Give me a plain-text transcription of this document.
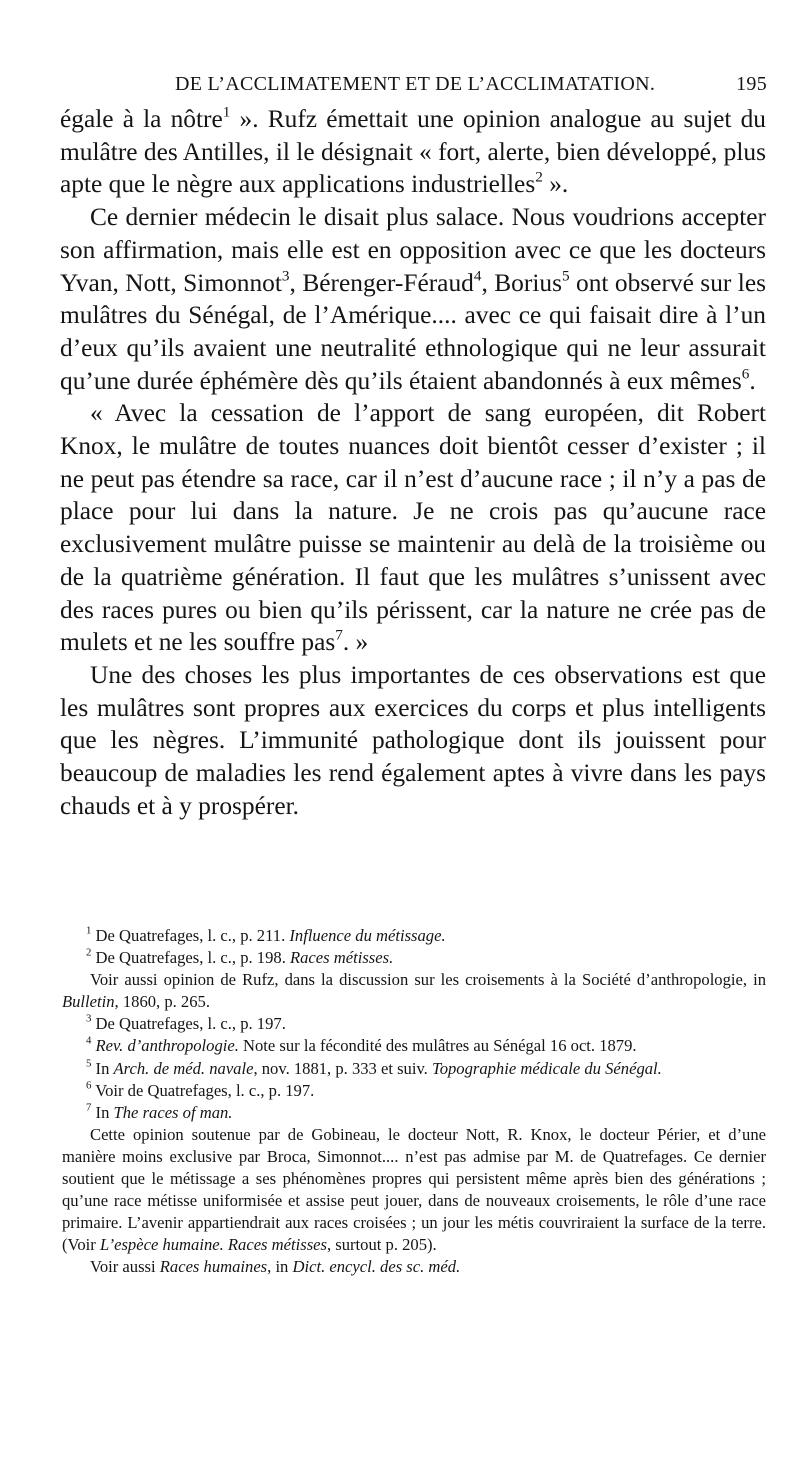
DE L’ACCLIMATEMENT ET DE L’ACCLIMATATION.	195

égale à la nôtre$^1$ ». Rufz émettait une opinion analogue au sujet du mulâtre des Antilles, il le désignait « fort, alerte, bien développé, plus apte que le nègre aux applications industrielles$^2$ ».

Ce dernier médecin le disait plus salace. Nous voudrions accepter son affirmation, mais elle est en opposition avec ce que les docteurs Yvan, Nott, Simonnot$^3$, Bérenger-Féraud$^4$, Borius$^5$ ont observé sur les mulâtres du Sénégal, de l’Amérique.... avec ce qui faisait dire à l’un d’eux qu’ils avaient une neutralité ethnologique qui ne leur assurait qu’une durée éphémère dès qu’ils étaient abandonnés à eux mêmes$^6$.

« Avec la cessation de l’apport de sang européen, dit Robert Knox, le mulâtre de toutes nuances doit bientôt cesser d’exister ; il ne peut pas étendre sa race, car il n’est d’aucune race ; il n’y a pas de place pour lui dans la nature. Je ne crois pas qu’aucune race exclusivement mulâtre puisse se maintenir au delà de la troisième ou de la quatrième génération. Il faut que les mulâtres s’unissent avec des races pures ou bien qu’ils périssent, car la nature ne crée pas de mulets et ne les souffre pas$^7$. »

Une des choses les plus importantes de ces observations est que les mulâtres sont propres aux exercices du corps et plus intelligents que les nègres. L’immunité pathologique dont ils jouissent pour beaucoup de maladies les rend également aptes à vivre dans les pays chauds et à y prospérer.

$^1$ De Quatrefages, l. c., p. 211. Influence du métissage.

$^2$ De Quatrefages, l. c., p. 198. Races métisses.

Voir aussi opinion de Rufz, dans la discussion sur les croisements à la Société d’anthropologie, in Bulletin, 1860, p. 265.

$^3$ De Quatrefages, l. c., p. 197.

$^4$ Rev. d’anthropologie. Note sur la fécondité des mulâtres au Sénégal 16 oct. 1879.

$^5$ In Arch. de méd. navale, nov. 1881, p. 333 et suiv. Topographie médicale du Sénégal.

$^6$ Voir de Quatrefages, l. c., p. 197.

$^7$ In The races of man.

Cette opinion soutenue par de Gobineau, le docteur Nott, R. Knox, le docteur Périer, et d’une manière moins exclusive par Broca, Simonnot.... n’est pas admise par M. de Quatrefages. Ce dernier soutient que le métissage a ses phénomènes propres qui persistent même après bien des générations ; qu’une race métisse uniformisée et assise peut jouer, dans de nouveaux croisements, le rôle d’une race primaire. L’avenir appartiendrait aux races croisées ; un jour les métis couvriraient la surface de la terre. (Voir L’espèce humaine. Races métisses, surtout p. 205).

Voir aussi Races humaines, in Dict. encycl. des sc. méd.
